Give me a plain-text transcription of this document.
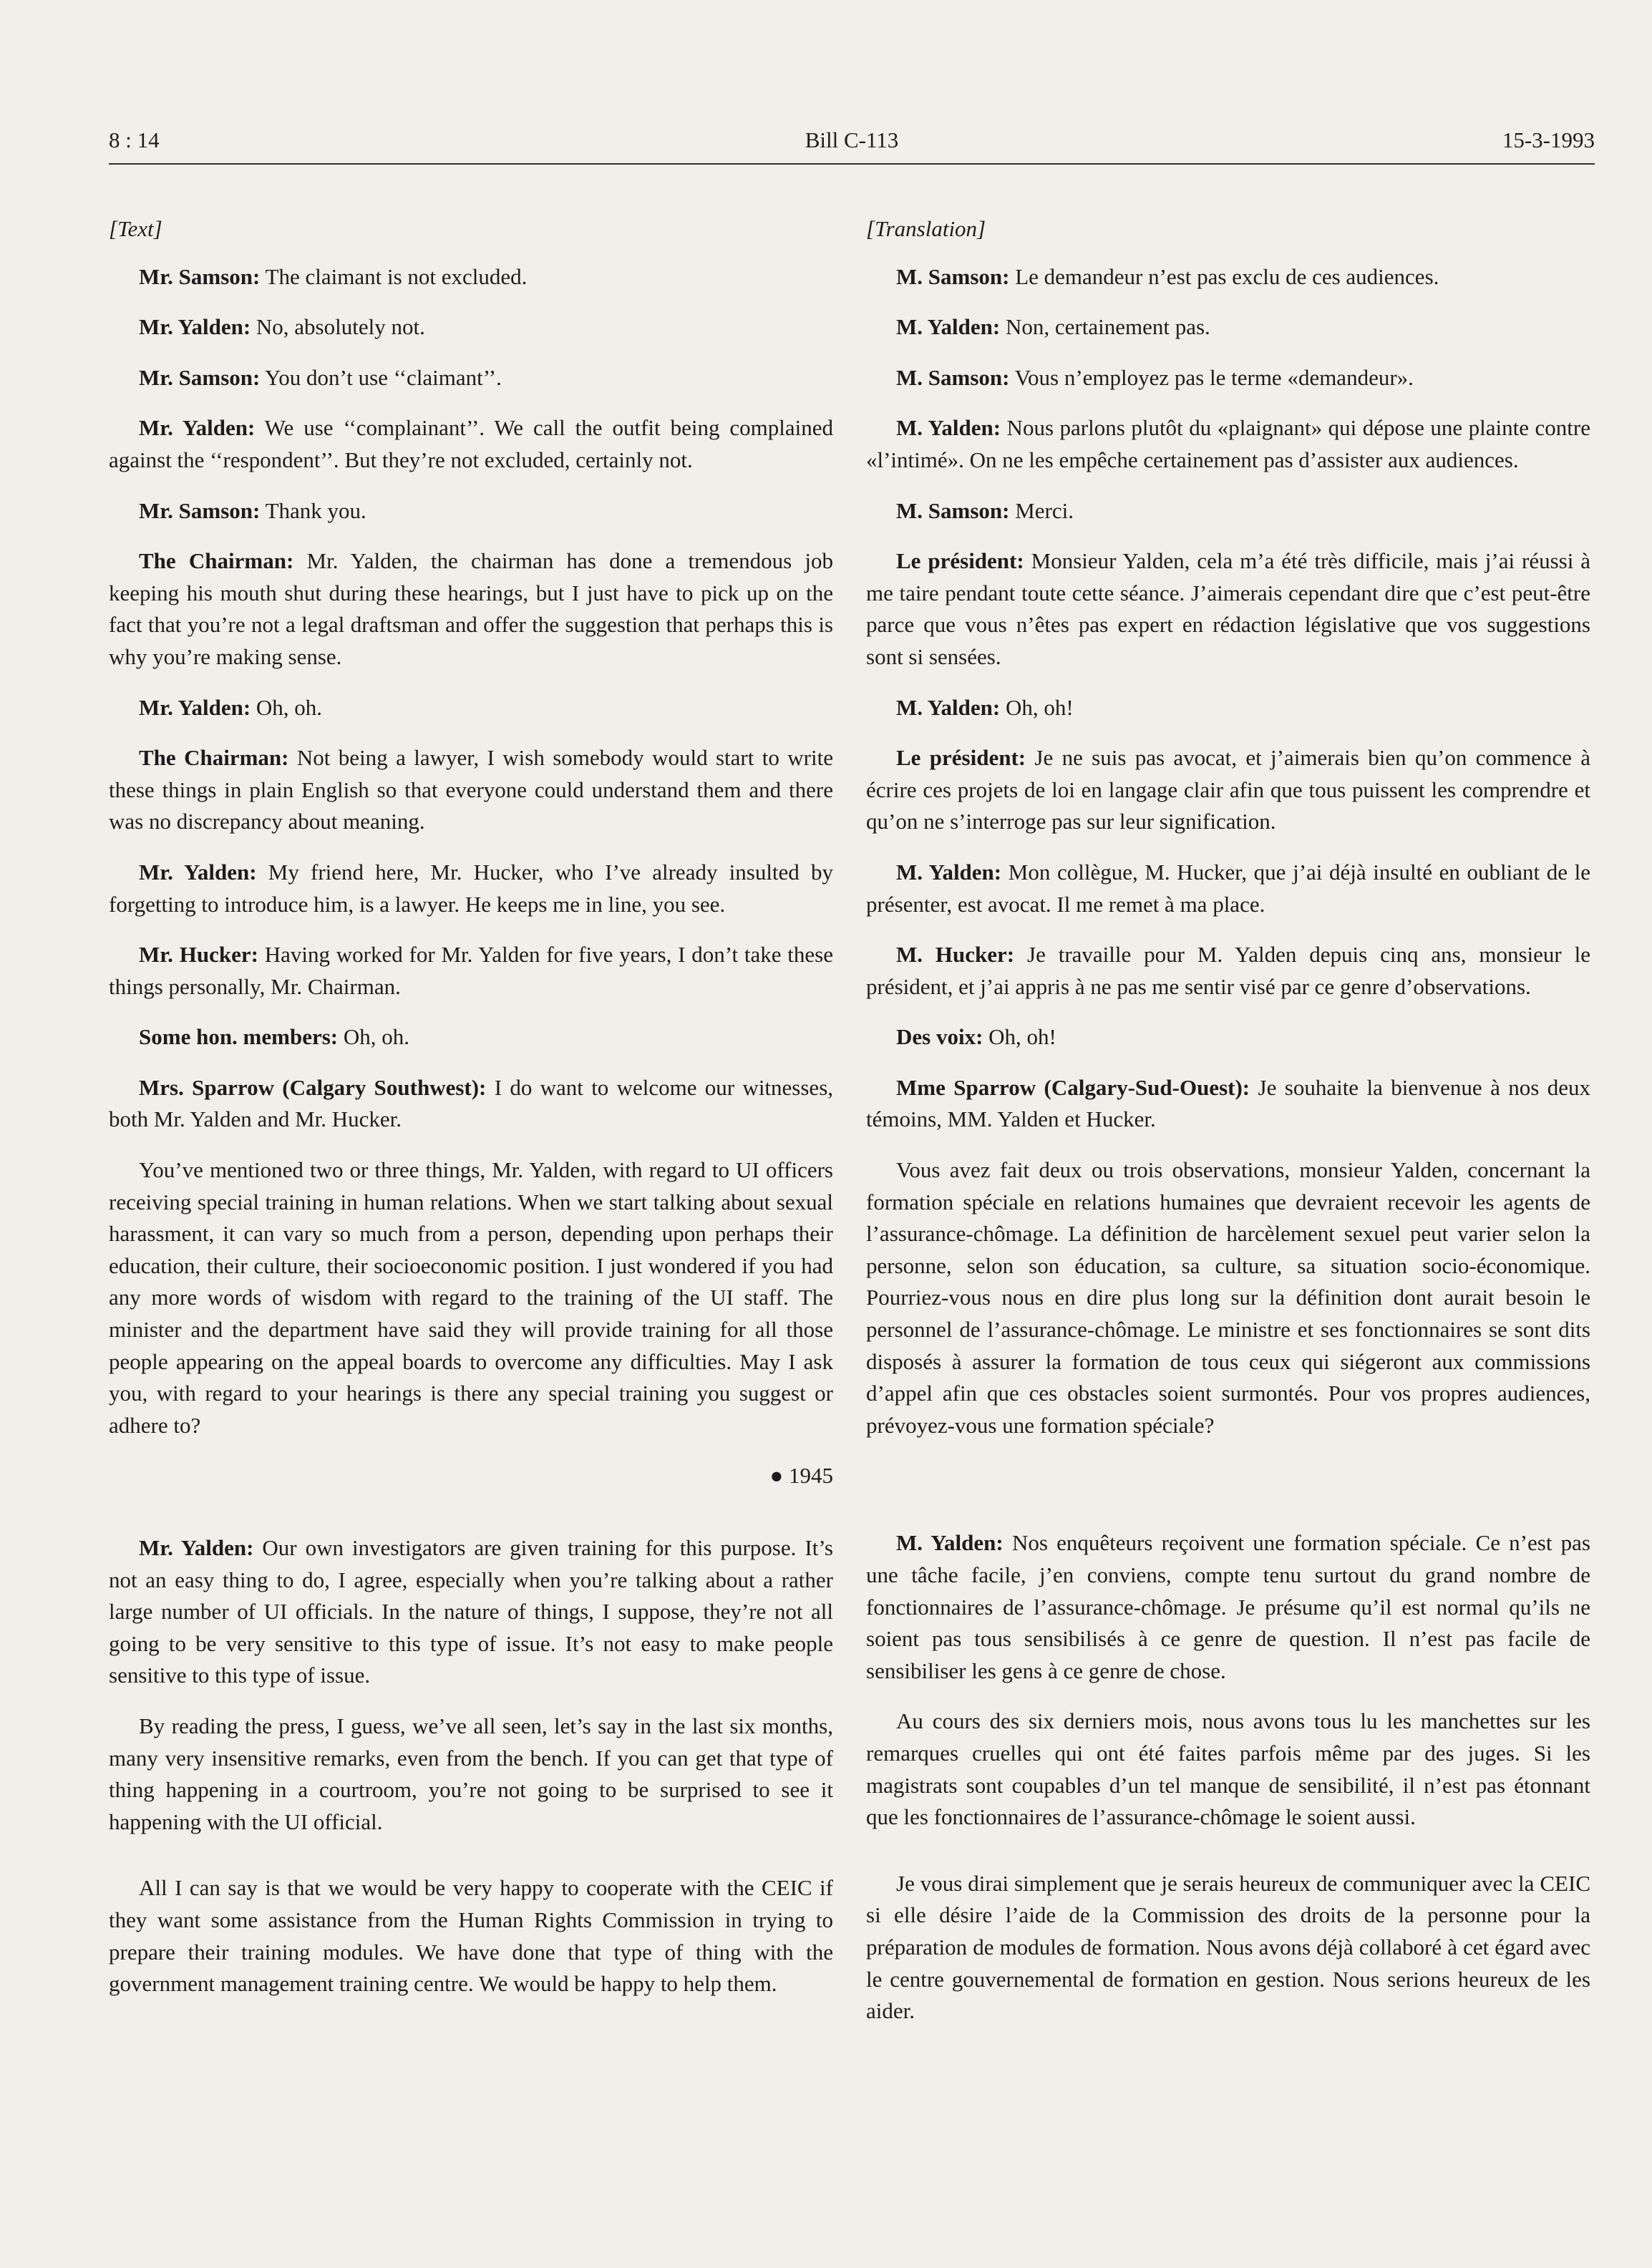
8 : 14	Bill C-113	15-3-1993

[Text]

Mr. Samson: The claimant is not excluded.

Mr. Yalden: No, absolutely not.

Mr. Samson: You don’t use ‘‘claimant’’.

Mr. Yalden: We use ‘‘complainant’’. We call the outfit being complained against the ‘‘respondent’’. But they’re not excluded, certainly not.

Mr. Samson: Thank you.

The Chairman: Mr. Yalden, the chairman has done a tremendous job keeping his mouth shut during these hearings, but I just have to pick up on the fact that you’re not a legal draftsman and offer the suggestion that perhaps this is why you’re making sense.

Mr. Yalden: Oh, oh.

The Chairman: Not being a lawyer, I wish somebody would start to write these things in plain English so that everyone could understand them and there was no discrepancy about meaning.

Mr. Yalden: My friend here, Mr. Hucker, who I’ve already insulted by forgetting to introduce him, is a lawyer. He keeps me in line, you see.

Mr. Hucker: Having worked for Mr. Yalden for five years, I don’t take these things personally, Mr. Chairman.

Some hon. members: Oh, oh.

Mrs. Sparrow (Calgary Southwest): I do want to welcome our witnesses, both Mr. Yalden and Mr. Hucker.

You’ve mentioned two or three things, Mr. Yalden, with regard to UI officers receiving special training in human relations. When we start talking about sexual harassment, it can vary so much from a person, depending upon perhaps their education, their culture, their socioeconomic position. I just wondered if you had any more words of wisdom with regard to the training of the UI staff. The minister and the department have said they will provide training for all those people appearing on the appeal boards to overcome any difficulties. May I ask you, with regard to your hearings is there any special training you suggest or adhere to?

● 1945

Mr. Yalden: Our own investigators are given training for this purpose. It’s not an easy thing to do, I agree, especially when you’re talking about a rather large number of UI officials. In the nature of things, I suppose, they’re not all going to be very sensitive to this type of issue. It’s not easy to make people sensitive to this type of issue.

By reading the press, I guess, we’ve all seen, let’s say in the last six months, many very insensitive remarks, even from the bench. If you can get that type of thing happening in a courtroom, you’re not going to be surprised to see it happening with the UI official.

All I can say is that we would be very happy to cooperate with the CEIC if they want some assistance from the Human Rights Commission in trying to prepare their training modules. We have done that type of thing with the government management training centre. We would be happy to help them.

[Translation]

M. Samson: Le demandeur n’est pas exclu de ces audiences.

M. Yalden: Non, certainement pas.

M. Samson: Vous n’employez pas le terme «demandeur».

M. Yalden: Nous parlons plutôt du «plaignant» qui dépose une plainte contre «l’intimé». On ne les empêche certainement pas d’assister aux audiences.

M. Samson: Merci.

Le président: Monsieur Yalden, cela m’a été très difficile, mais j’ai réussi à me taire pendant toute cette séance. J’aimerais cependant dire que c’est peut-être parce que vous n’êtes pas expert en rédaction législative que vos suggestions sont si sensées.

M. Yalden: Oh, oh!

Le président: Je ne suis pas avocat, et j’aimerais bien qu’on commence à écrire ces projets de loi en langage clair afin que tous puissent les comprendre et qu’on ne s’interroge pas sur leur signification.

M. Yalden: Mon collègue, M. Hucker, que j’ai déjà insulté en oubliant de le présenter, est avocat. Il me remet à ma place.

M. Hucker: Je travaille pour M. Yalden depuis cinq ans, monsieur le président, et j’ai appris à ne pas me sentir visé par ce genre d’observations.

Des voix: Oh, oh!

Mme Sparrow (Calgary-Sud-Ouest): Je souhaite la bienvenue à nos deux témoins, MM. Yalden et Hucker.

Vous avez fait deux ou trois observations, monsieur Yalden, concernant la formation spéciale en relations humaines que devraient recevoir les agents de l’assurance-chômage. La définition de harcèlement sexuel peut varier selon la personne, selon son éducation, sa culture, sa situation socio-économique. Pourriez-vous nous en dire plus long sur la définition dont aurait besoin le personnel de l’assurance-chômage. Le ministre et ses fonctionnaires se sont dits disposés à assurer la formation de tous ceux qui siégeront aux commissions d’appel afin que ces obstacles soient surmontés. Pour vos propres audiences, prévoyez-vous une formation spéciale?

M. Yalden: Nos enquêteurs reçoivent une formation spéciale. Ce n’est pas une tâche facile, j’en conviens, compte tenu surtout du grand nombre de fonctionnaires de l’assurance-chômage. Je présume qu’il est normal qu’ils ne soient pas tous sensibilisés à ce genre de question. Il n’est pas facile de sensibiliser les gens à ce genre de chose.

Au cours des six derniers mois, nous avons tous lu les manchettes sur les remarques cruelles qui ont été faites parfois même par des juges. Si les magistrats sont coupables d’un tel manque de sensibilité, il n’est pas étonnant que les fonctionnaires de l’assurance-chômage le soient aussi.

Je vous dirai simplement que je serais heureux de communiquer avec la CEIC si elle désire l’aide de la Commission des droits de la personne pour la préparation de modules de formation. Nous avons déjà collaboré à cet égard avec le centre gouvernemental de formation en gestion. Nous serions heureux de les aider.
